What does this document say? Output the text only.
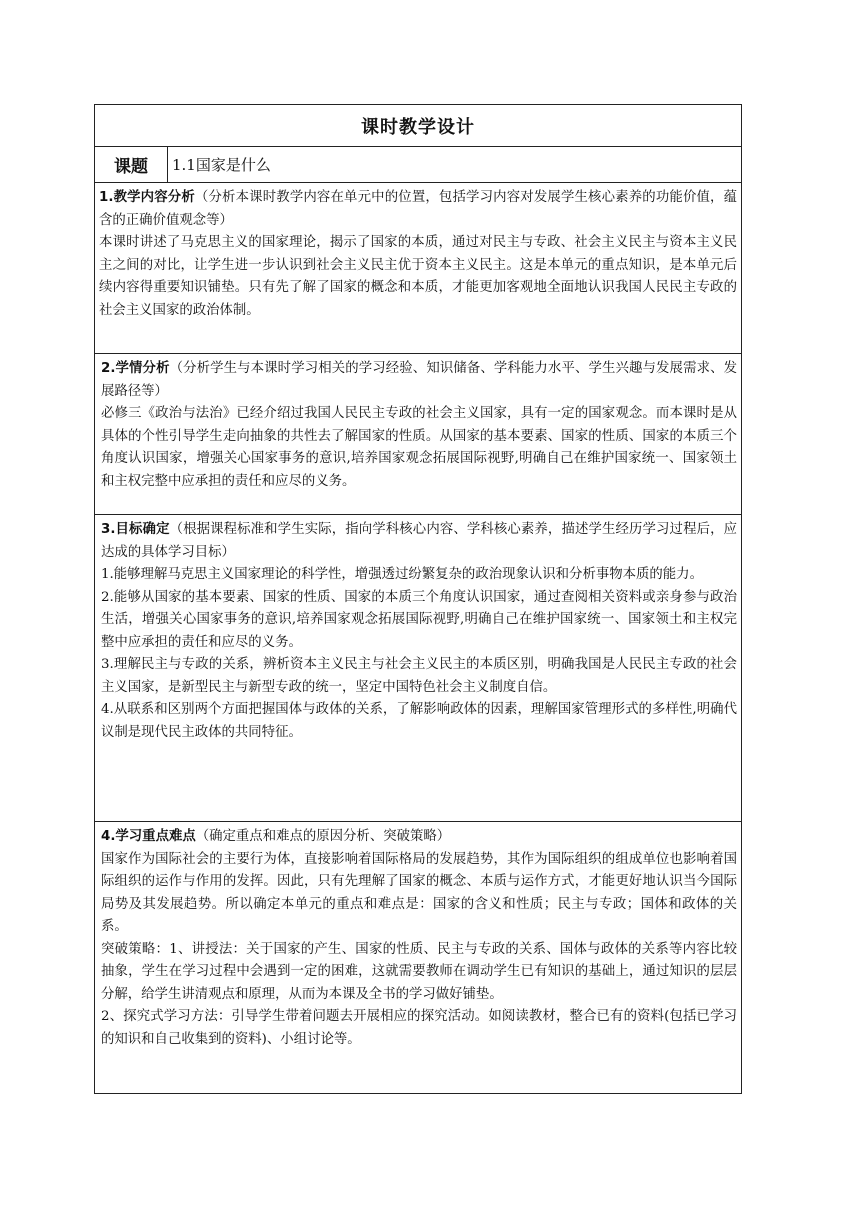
课时教学设计
课题	1.1国家是什么

1.教学内容分析（分析本课时教学内容在单元中的位置，包括学习内容对发展学生核心素养的功能价值，蕴含的正确价值观念等）

本课时讲述了马克思主义的国家理论，揭示了国家的本质，通过对民主与专政、社会主义民主与资本主义民主之间的对比，让学生进一步认识到社会主义民主优于资本主义民主。这是本单元的重点知识，是本单元后续内容得重要知识铺垫。只有先了解了国家的概念和本质，才能更加客观地全面地认识我国人民民主专政的社会主义国家的政治体制。

2.学情分析（分析学生与本课时学习相关的学习经验、知识储备、学科能力水平、学生兴趣与发展需求、发展路径等）

必修三《政治与法治》已经介绍过我国人民民主专政的社会主义国家，具有一定的国家观念。而本课时是从具体的个性引导学生走向抽象的共性去了解国家的性质。从国家的基本要素、国家的性质、国家的本质三个角度认识国家，增强关心国家事务的意识,培养国家观念拓展国际视野,明确自己在维护国家统一、国家领土和主权完整中应承担的责任和应尽的义务。

3.目标确定（根据课程标准和学生实际，指向学科核心内容、学科核心素养，描述学生经历学习过程后，应达成的具体学习目标）

1.能够理解马克思主义国家理论的科学性，增强透过纷繁复杂的政治现象认识和分析事物本质的能力。

2.能够从国家的基本要素、国家的性质、国家的本质三个角度认识国家，通过查阅相关资料或亲身参与政治生活，增强关心国家事务的意识,培养国家观念拓展国际视野,明确自己在维护国家统一、国家领土和主权完整中应承担的责任和应尽的义务。

3.理解民主与专政的关系，辨析资本主义民主与社会主义民主的本质区别，明确我国是人民民主专政的社会主义国家，是新型民主与新型专政的统一，坚定中国特色社会主义制度自信。

4.从联系和区别两个方面把握国体与政体的关系，了解影响政体的因素，理解国家管理形式的多样性,明确代议制是现代民主政体的共同特征。

4.学习重点难点（确定重点和难点的原因分析、突破策略）

国家作为国际社会的主要行为体，直接影响着国际格局的发展趋势，其作为国际组织的组成单位也影响着国际组织的运作与作用的发挥。因此，只有先理解了国家的概念、本质与运作方式，才能更好地认识当今国际局势及其发展趋势。所以确定本单元的重点和难点是：国家的含义和性质；民主与专政；国体和政体的关系。

突破策略：1、讲授法：关于国家的产生、国家的性质、民主与专政的关系、国体与政体的关系等内容比较抽象，学生在学习过程中会遇到一定的困难，这就需要教师在调动学生已有知识的基础上，通过知识的层层分解，给学生讲清观点和原理，从而为本课及全书的学习做好铺垫。

2、探究式学习方法：引导学生带着问题去开展相应的探究活动。如阅读教材，整合已有的资料(包括已学习的知识和自己收集到的资料)、小组讨论等。
